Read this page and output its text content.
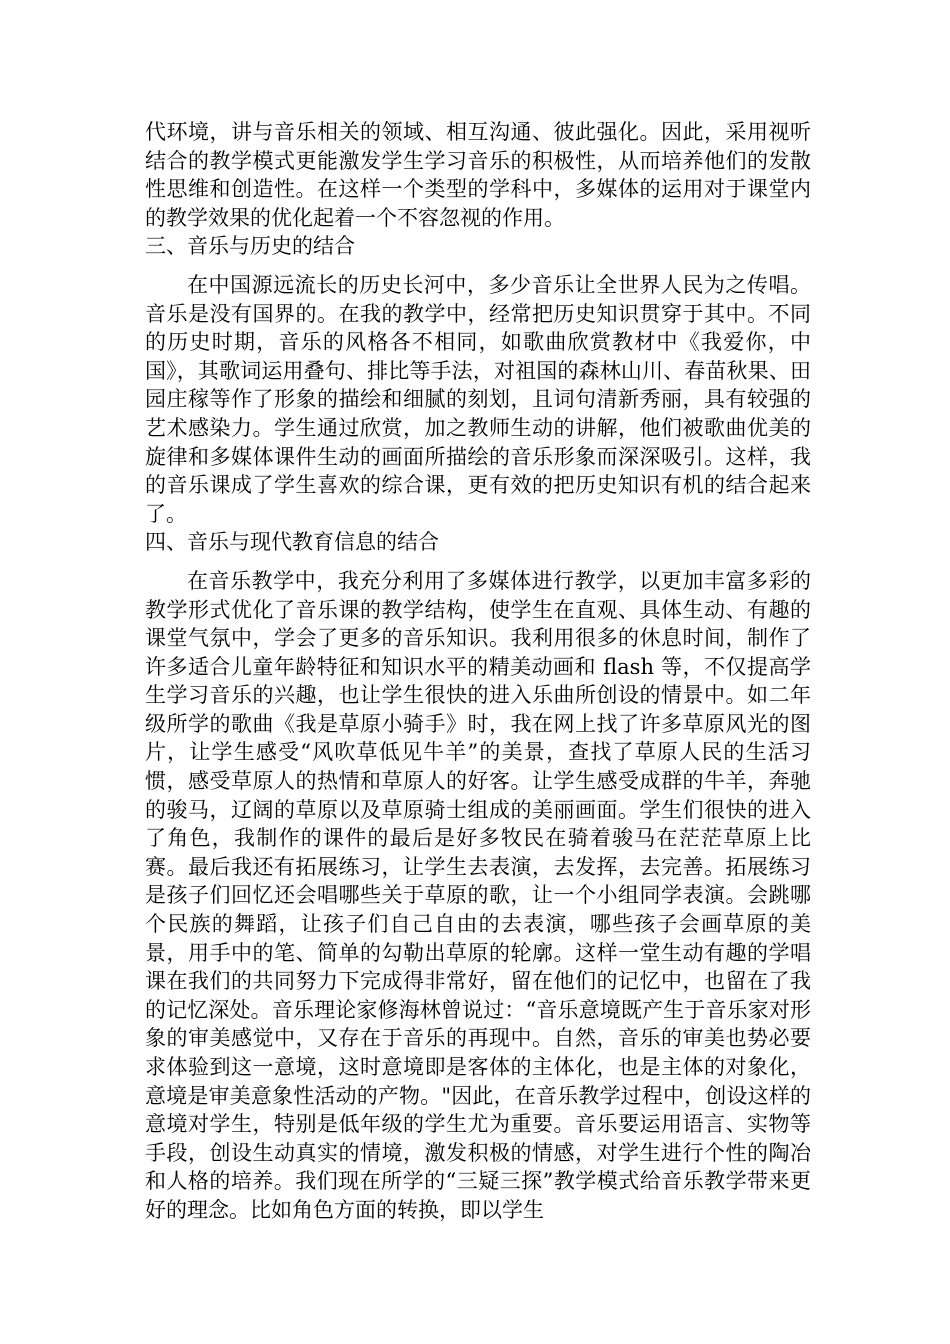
代环境，讲与音乐相关的领域、相互沟通、彼此强化。因此，采用视听结合的教学模式更能激发学生学习音乐的积极性，从而培养他们的发散性思维和创造性。在这样一个类型的学科中，多媒体的运用对于课堂内的教学效果的优化起着一个不容忽视的作用。

三、音乐与历史的结合

在中国源远流长的历史长河中，多少音乐让全世界人民为之传唱。音乐是没有国界的。在我的教学中，经常把历史知识贯穿于其中。不同的历史时期，音乐的风格各不相同，如歌曲欣赏教材中《我爱你，中国》，其歌词运用叠句、排比等手法，对祖国的森林山川、春苗秋果、田园庄稼等作了形象的描绘和细腻的刻划，且词句清新秀丽，具有较强的艺术感染力。学生通过欣赏，加之教师生动的讲解，他们被歌曲优美的旋律和多媒体课件生动的画面所描绘的音乐形象而深深吸引。这样，我的音乐课成了学生喜欢的综合课，更有效的把历史知识有机的结合起来了。

四、音乐与现代教育信息的结合

在音乐教学中，我充分利用了多媒体进行教学，以更加丰富多彩的教学形式优化了音乐课的教学结构，使学生在直观、具体生动、有趣的课堂气氛中，学会了更多的音乐知识。我利用很多的休息时间，制作了许多适合儿童年龄特征和知识水平的精美动画和 flash 等，不仅提高学生学习音乐的兴趣，也让学生很快的进入乐曲所创设的情景中。如二年级所学的歌曲《我是草原小骑手》时，我在网上找了许多草原风光的图片，让学生感受“风吹草低见牛羊”的美景，查找了草原人民的生活习惯，感受草原人的热情和草原人的好客。让学生感受成群的牛羊，奔驰的骏马，辽阔的草原以及草原骑士组成的美丽画面。学生们很快的进入了角色，我制作的课件的最后是好多牧民在骑着骏马在茫茫草原上比赛。最后我还有拓展练习，让学生去表演，去发挥，去完善。拓展练习是孩子们回忆还会唱哪些关于草原的歌，让一个小组同学表演。会跳哪个民族的舞蹈，让孩子们自己自由的去表演，哪些孩子会画草原的美景，用手中的笔、简单的勾勒出草原的轮廓。这样一堂生动有趣的学唱课在我们的共同努力下完成得非常好，留在他们的记忆中，也留在了我的记忆深处。音乐理论家修海林曾说过：“音乐意境既产生于音乐家对形象的审美感觉中，又存在于音乐的再现中。自然，音乐的审美也势必要求体验到这一意境，这时意境即是客体的主体化，也是主体的对象化，意境是审美意象性活动的产物。"因此，在音乐教学过程中，创设这样的意境对学生，特别是低年级的学生尤为重要。音乐要运用语言、实物等手段，创设生动真实的情境，激发积极的情感，对学生进行个性的陶冶和人格的培养。我们现在所学的“三疑三探”教学模式给音乐教学带来更好的理念。比如角色方面的转换，即以学生
